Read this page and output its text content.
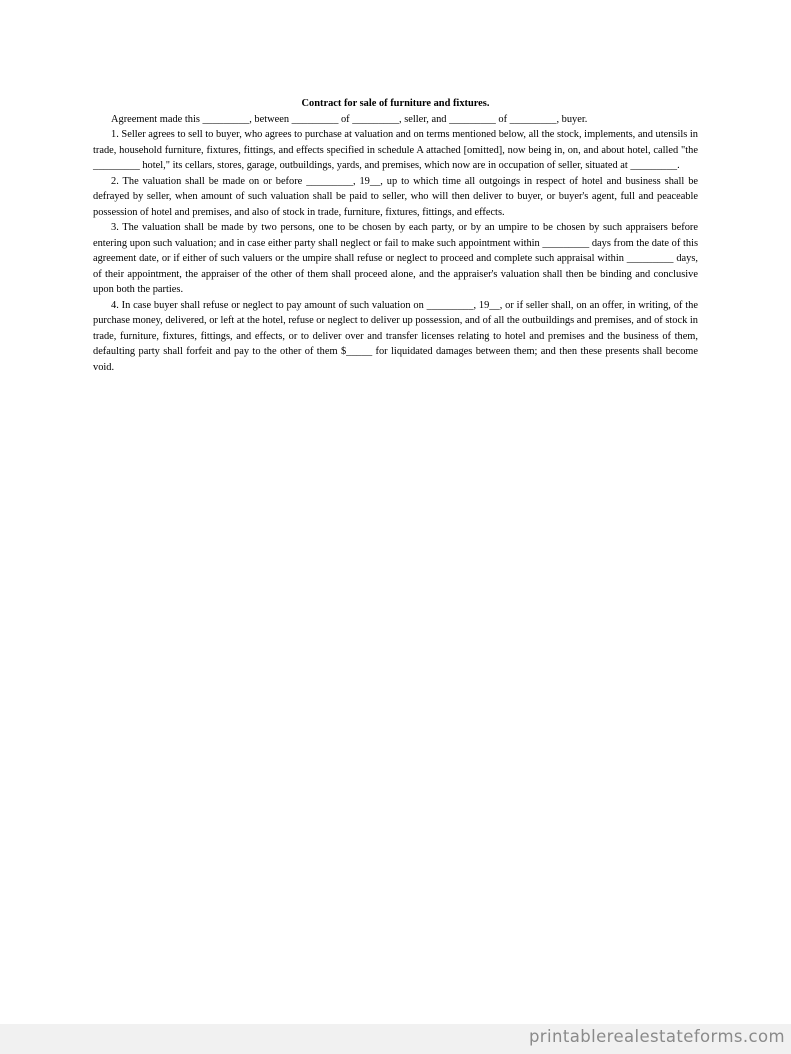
Contract for sale of furniture and fixtures.

Agreement made this _________, between _________ of _________, seller, and _________ of _________, buyer.

1. Seller agrees to sell to buyer, who agrees to purchase at valuation and on terms mentioned below, all the stock, implements, and utensils in trade, household furniture, fixtures, fittings, and effects specified in schedule A attached [omitted], now being in, on, and about hotel, called "the _________ hotel," its cellars, stores, garage, outbuildings, yards, and premises, which now are in occupation of seller, situated at _________.

2. The valuation shall be made on or before _________, 19__, up to which time all outgoings in respect of hotel and business shall be defrayed by seller, when amount of such valuation shall be paid to seller, who will then deliver to buyer, or buyer's agent, full and peaceable possession of hotel and premises, and also of stock in trade, furniture, fixtures, fittings, and effects.

3. The valuation shall be made by two persons, one to be chosen by each party, or by an umpire to be chosen by such appraisers before entering upon such valuation; and in case either party shall neglect or fail to make such appointment within _________ days from the date of this agreement date, or if either of such valuers or the umpire shall refuse or neglect to proceed and complete such appraisal within _________ days, of their appointment, the appraiser of the other of them shall proceed alone, and the appraiser's valuation shall then be binding and conclusive upon both the parties.

4. In case buyer shall refuse or neglect to pay amount of such valuation on _________, 19__, or if seller shall, on an offer, in writing, of the purchase money, delivered, or left at the hotel, refuse or neglect to deliver up possession, and of all the outbuildings and premises, and of stock in trade, furniture, fixtures, fittings, and effects, or to deliver over and transfer licenses relating to hotel and premises and the business of them, defaulting party shall forfeit and pay to the other of them $_____ for liquidated damages between them; and then these presents shall become void.

printablerealestateforms.com
